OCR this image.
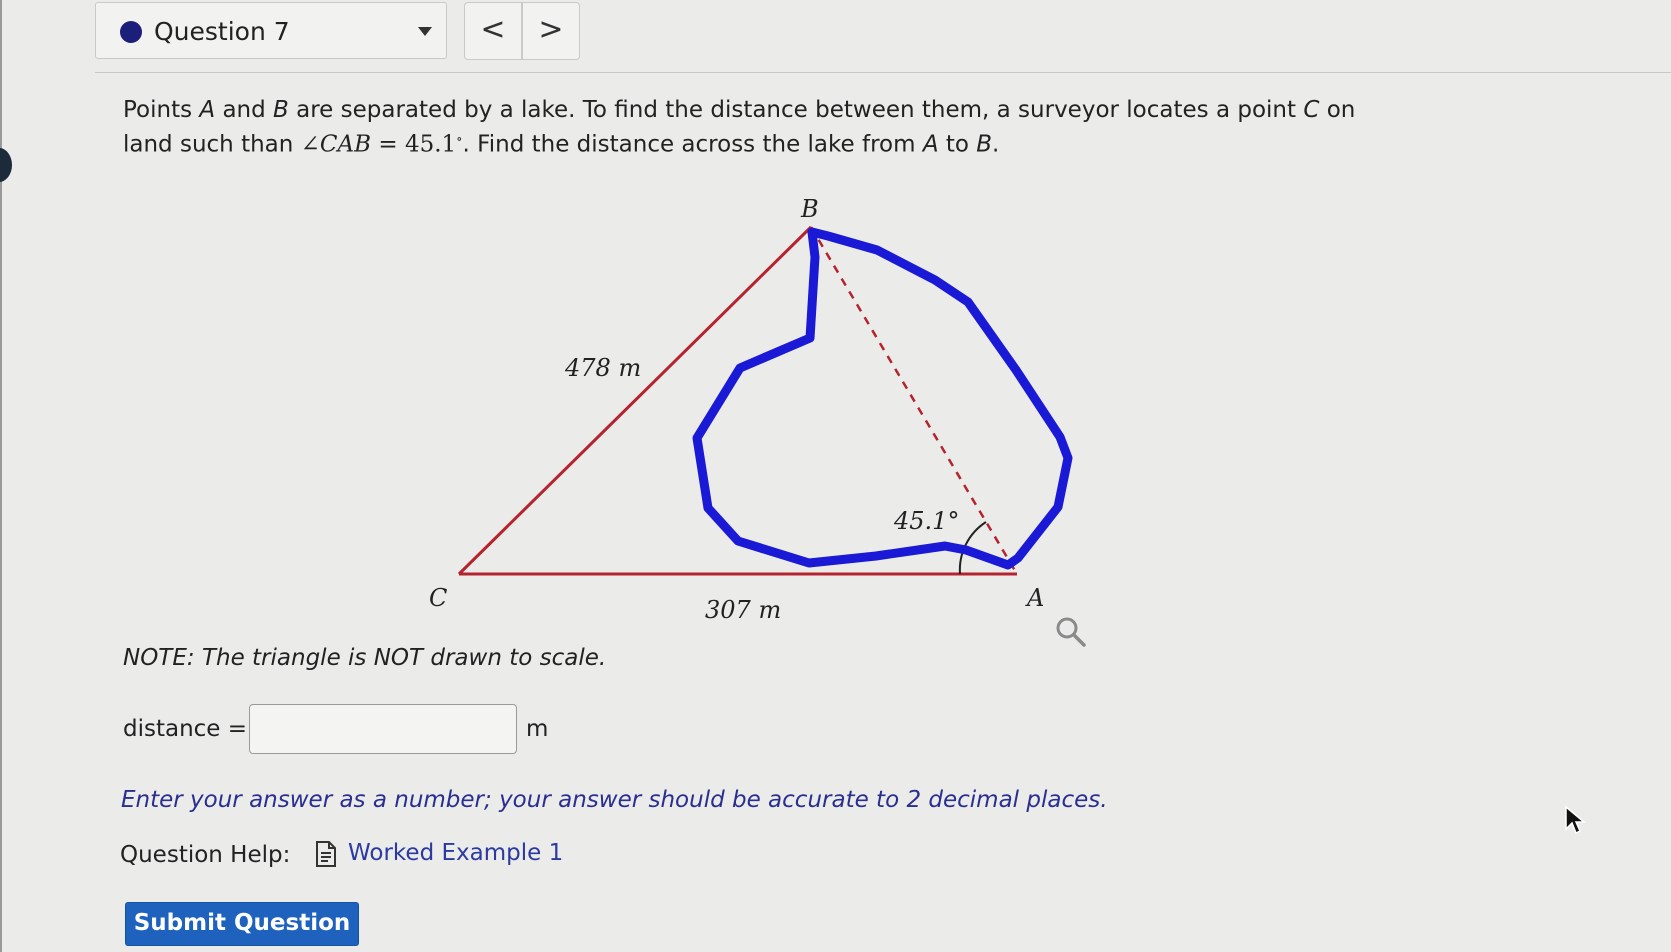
Question 7	<	>
Points A and B are separated by a lake. To find the distance between them, a surveyor locates a point C on land such than ∠CAB = 45.1∘. Find the distance across the lake from A to B.
B
C	A
478 m
307 m
45.1°
NOTE: The triangle is NOT drawn to scale.
distance =	m
Enter your answer as a number; your answer should be accurate to 2 decimal places.
Question Help:	Worked Example 1
Submit Question
